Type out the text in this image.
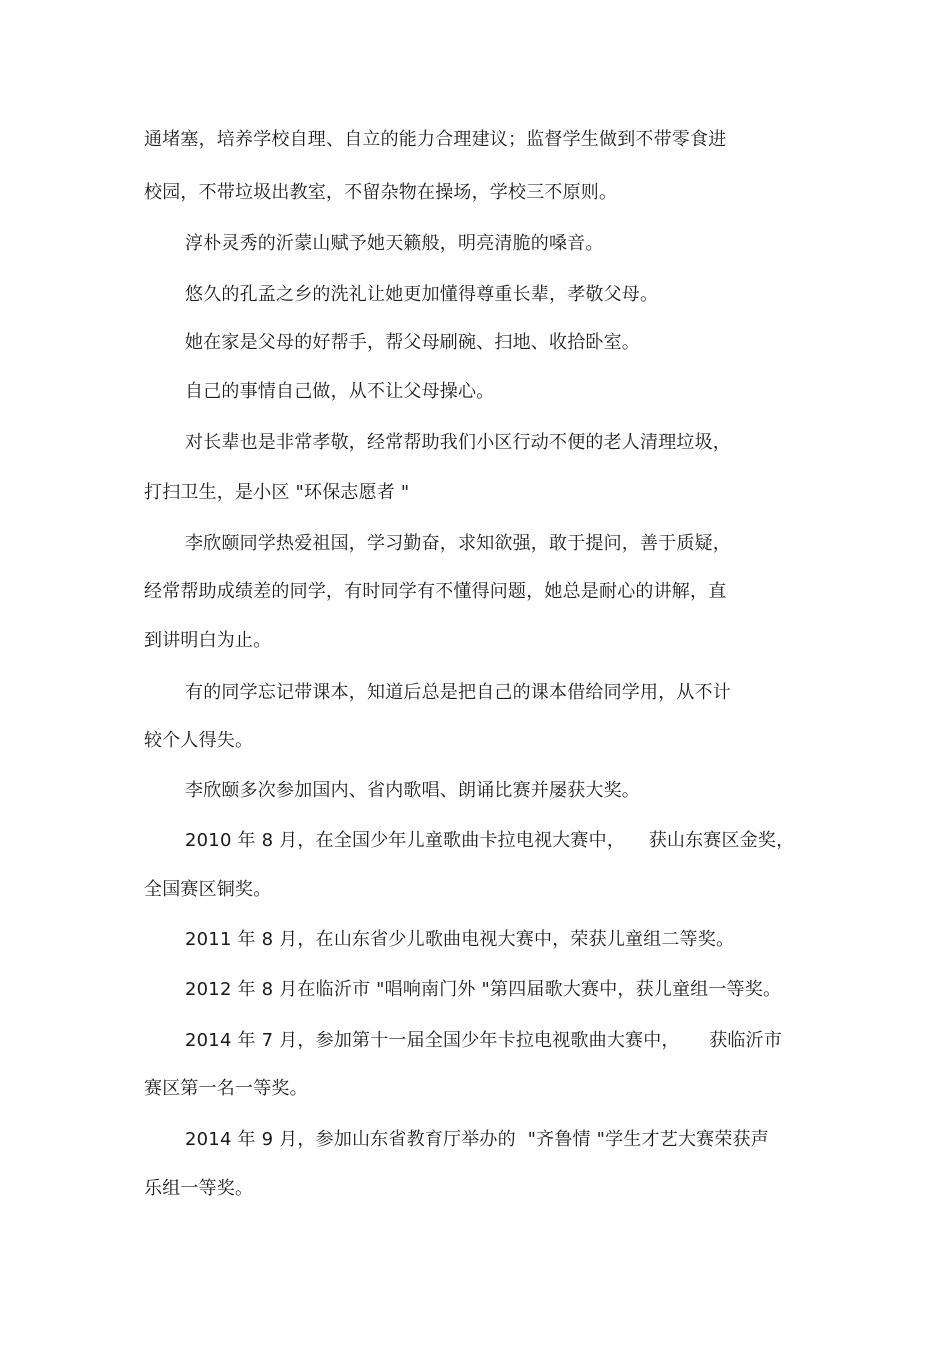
通堵塞，培养学校自理、自立的能力合理建议；监督学生做到不带零食进
校园，不带垃圾出教室，不留杂物在操场，学校三不原则。
淳朴灵秀的沂蒙山赋予她天籁般，明亮清脆的嗓音。
悠久的孔孟之乡的洗礼让她更加懂得尊重长辈，孝敬父母。
她在家是父母的好帮手，帮父母刷碗、扫地、收拾卧室。
自己的事情自己做，从不让父母操心。
对长辈也是非常孝敬，经常帮助我们小区行动不便的老人清理垃圾，
打扫卫生，是小区 "环保志愿者 "
李欣颐同学热爱祖国，学习勤奋，求知欲强，敢于提问，善于质疑，
经常帮助成绩差的同学，有时同学有不懂得问题，她总是耐心的讲解，直
到讲明白为止。
有的同学忘记带课本，知道后总是把自己的课本借给同学用，从不计
较个人得失。
李欣颐多次参加国内、省内歌唱、朗诵比赛并屡获大奖。
2010 年 8 月，在全国少年儿童歌曲卡拉电视大赛中，    获山东赛区金奖，
全国赛区铜奖。
2011 年 8 月，在山东省少儿歌曲电视大赛中，荣获儿童组二等奖。
2012 年 8 月在临沂市 "唱响南门外 "第四届歌大赛中，获儿童组一等奖。
2014 年 7 月，参加第十一届全国少年卡拉电视歌曲大赛中，     获临沂市
赛区第一名一等奖。
2014 年 9 月，参加山东省教育厅举办的  "齐鲁情 "学生才艺大赛荣获声
乐组一等奖。
